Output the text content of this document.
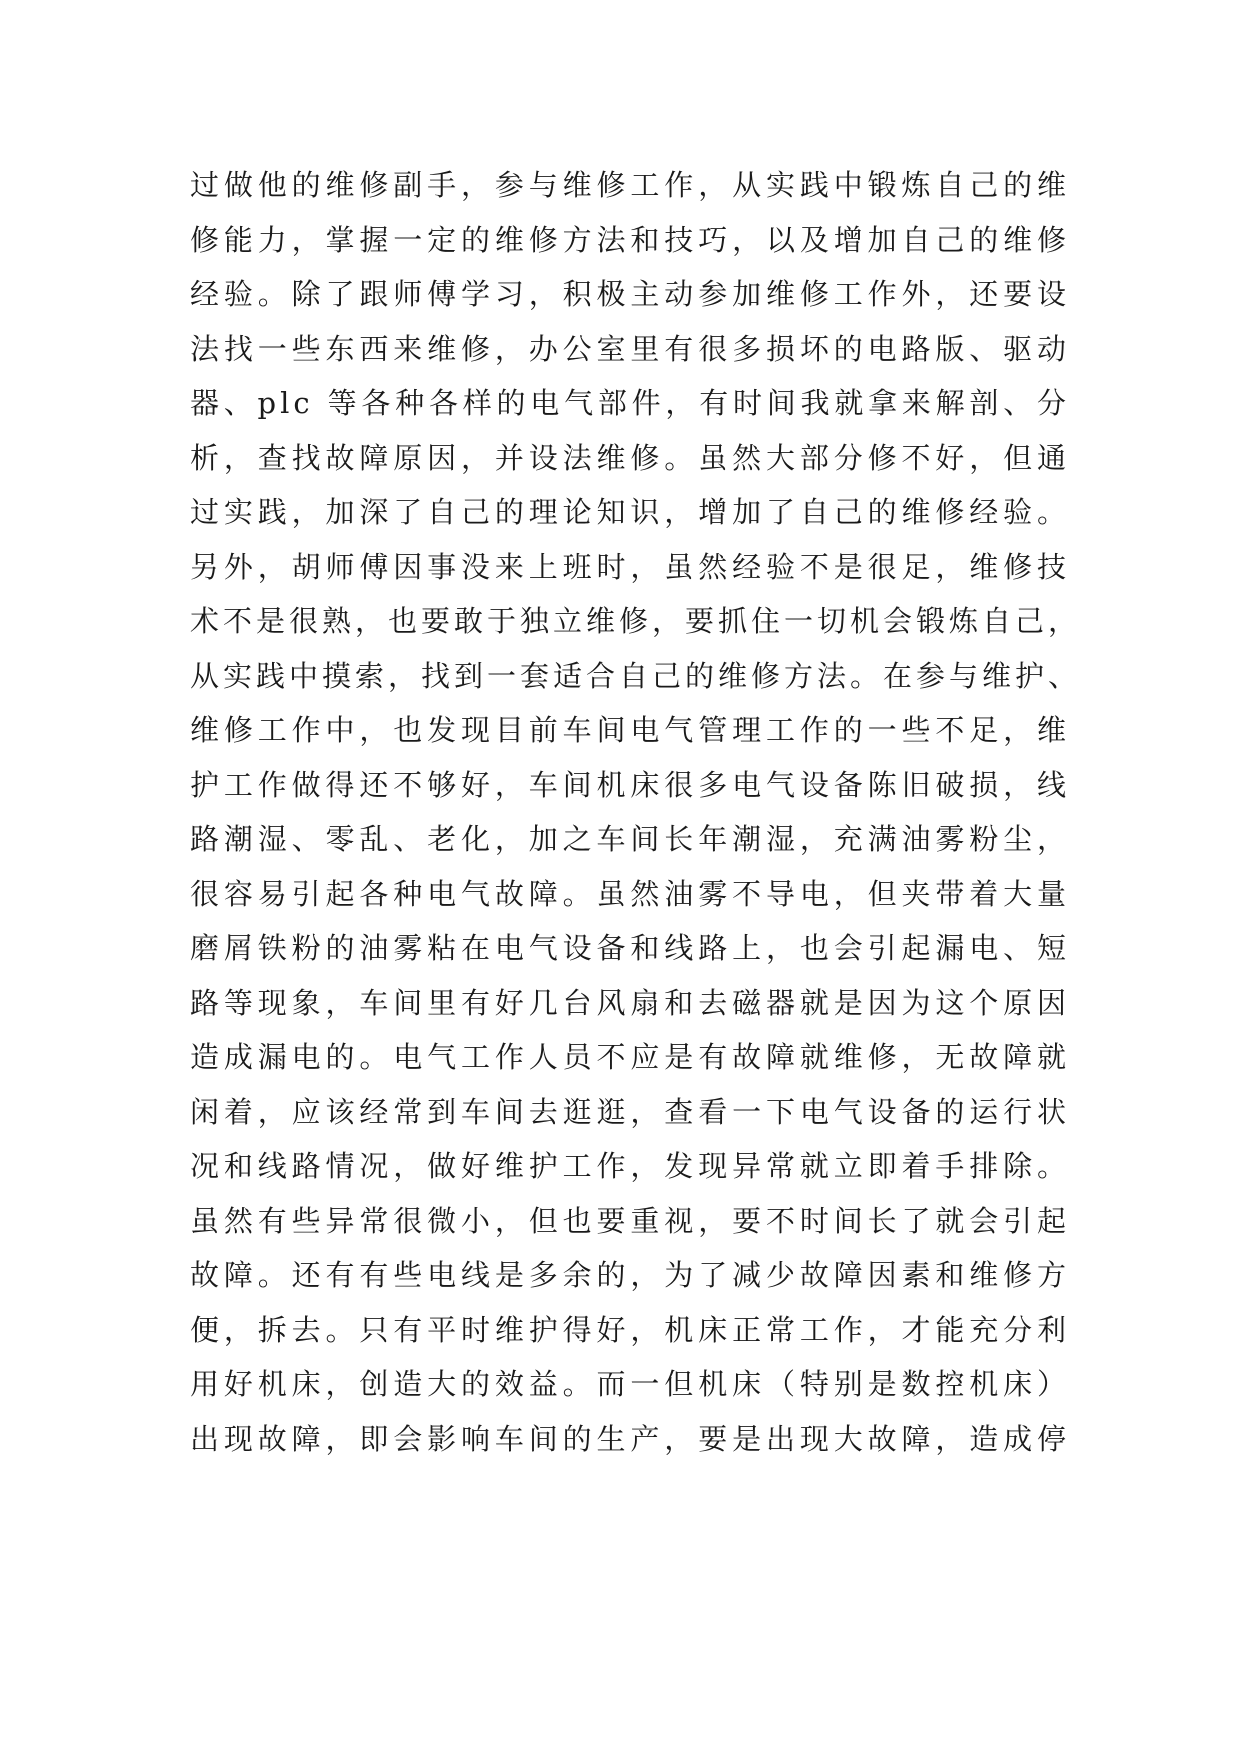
过做他的维修副手，参与维修工作，从实践中锻炼自己的维
修能力，掌握一定的维修方法和技巧，以及增加自己的维修
经验。除了跟师傅学习，积极主动参加维修工作外，还要设
法找一些东西来维修，办公室里有很多损坏的电路版、驱动
器、plc 等各种各样的电气部件，有时间我就拿来解剖、分
析，查找故障原因，并设法维修。虽然大部分修不好，但通
过实践，加深了自己的理论知识，增加了自己的维修经验。
另外，胡师傅因事没来上班时，虽然经验不是很足，维修技
术不是很熟，也要敢于独立维修，要抓住一切机会锻炼自己，
从实践中摸索，找到一套适合自己的维修方法。在参与维护、
维修工作中，也发现目前车间电气管理工作的一些不足，维
护工作做得还不够好，车间机床很多电气设备陈旧破损，线
路潮湿、零乱、老化，加之车间长年潮湿，充满油雾粉尘，
很容易引起各种电气故障。虽然油雾不导电，但夹带着大量
磨屑铁粉的油雾粘在电气设备和线路上，也会引起漏电、短
路等现象，车间里有好几台风扇和去磁器就是因为这个原因
造成漏电的。电气工作人员不应是有故障就维修，无故障就
闲着，应该经常到车间去逛逛，查看一下电气设备的运行状
况和线路情况，做好维护工作，发现异常就立即着手排除。
虽然有些异常很微小，但也要重视，要不时间长了就会引起
故障。还有有些电线是多余的，为了减少故障因素和维修方
便，拆去。只有平时维护得好，机床正常工作，才能充分利
用好机床，创造大的效益。而一但机床（特别是数控机床）
出现故障，即会影响车间的生产，要是出现大故障，造成停
